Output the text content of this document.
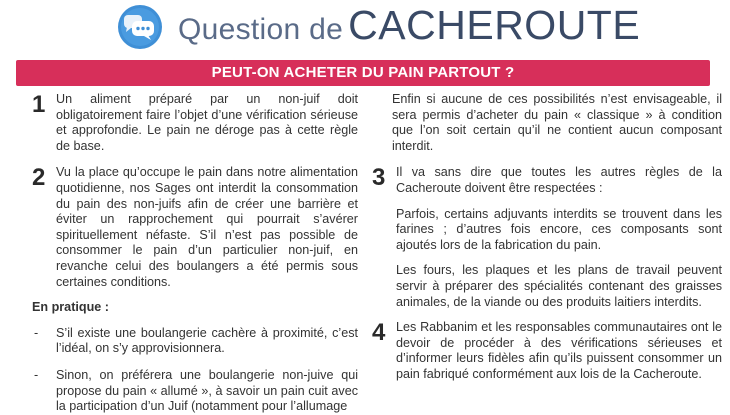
Question de CACHEROUTE
PEUT-ON ACHETER DU PAIN PARTOUT ?
1 Un aliment préparé par un non-juif doit obligatoirement faire l’objet d’une vérification sérieuse et approfondie. Le pain ne déroge pas à cette règle de base.

2 Vu la place qu’occupe le pain dans notre alimentation quotidienne, nos Sages ont interdit la consommation du pain des non-juifs afin de créer une barrière et éviter un rapprochement qui pourrait s’avérer spirituellement néfaste. S’il n’est pas possible de consommer le pain d’un particulier non-juif, en revanche celui des boulangers a été permis sous certaines conditions.

En pratique :

- S’il existe une boulangerie cachère à proximité, c’est l’idéal, on s’y approvisionnera.

- Sinon, on préférera une boulangerie non-juive qui propose du pain « allumé », à savoir un pain cuit avec la participation d’un Juif (notamment pour l’allumage

Enfin si aucune de ces possibilités n’est envisageable, il sera permis d’acheter du pain « classique » à condition que l’on soit certain qu’il ne contient aucun composant interdit.

3 Il va sans dire que toutes les autres règles de la Cacheroute doivent être respectées :

Parfois, certains adjuvants interdits se trouvent dans les farines ; d’autres fois encore, ces composants sont ajoutés lors de la fabrication du pain.

Les fours, les plaques et les plans de travail peuvent servir à préparer des spécialités contenant des graisses animales, de la viande ou des produits laitiers interdits.

4 Les Rabbanim et les responsables communautaires ont le devoir de procéder à des vérifications sérieuses et d’informer leurs fidèles afin qu’ils puissent consommer un pain fabriqué conformément aux lois de la Cacheroute.
